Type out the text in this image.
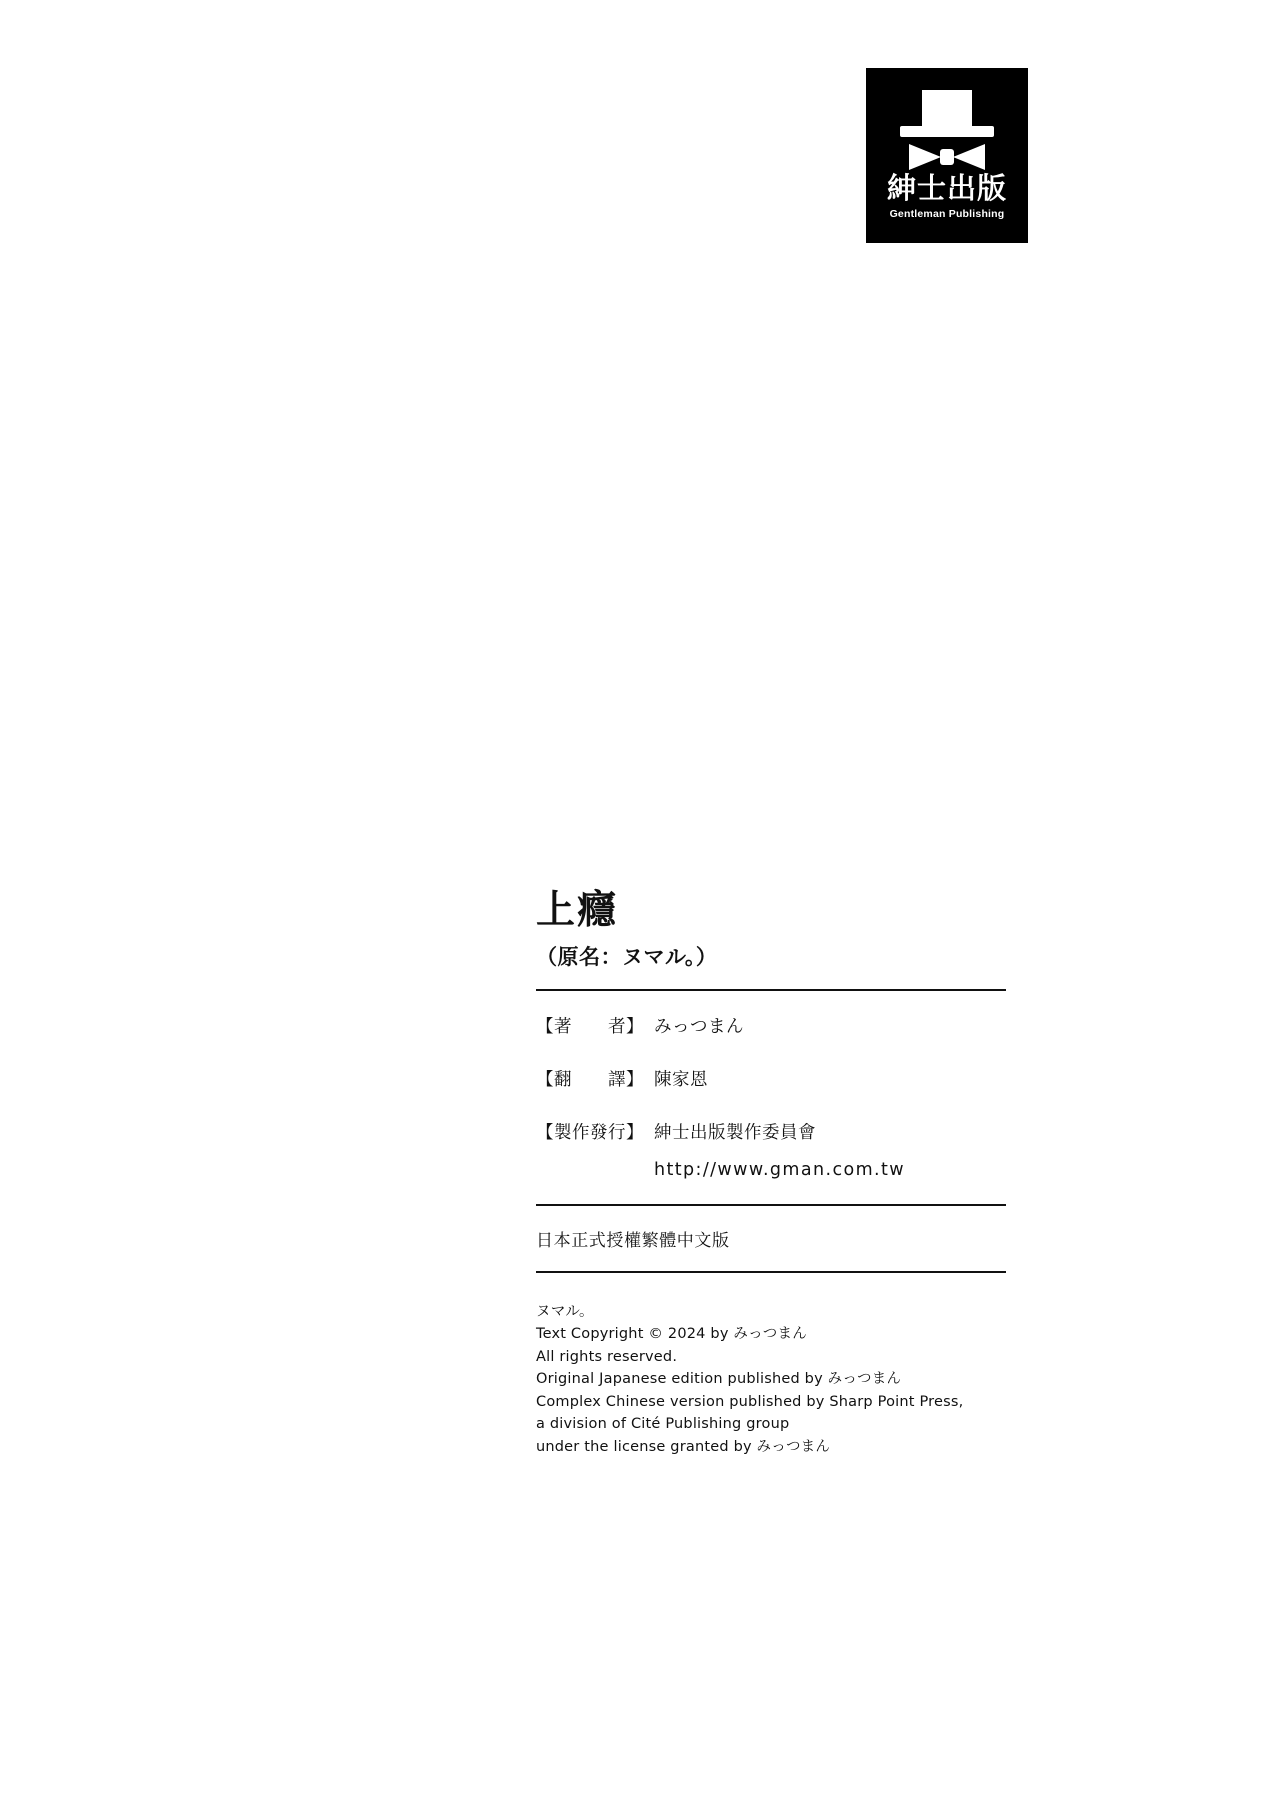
紳士出版
Gentleman Publishing
上癮

（原名：ヌマル。）

【著　　者】 みっつまん
【翻　　譯】 陳家恩
【製作發行】 紳士出版製作委員會
http://www.gman.com.tw

日本正式授權繁體中文版

ヌマル。
Text Copyright © 2024 by みっつまん
All rights reserved.
Original Japanese edition published by みっつまん
Complex Chinese version published by Sharp Point Press,
a division of Cité Publishing group
under the license granted by みっつまん
